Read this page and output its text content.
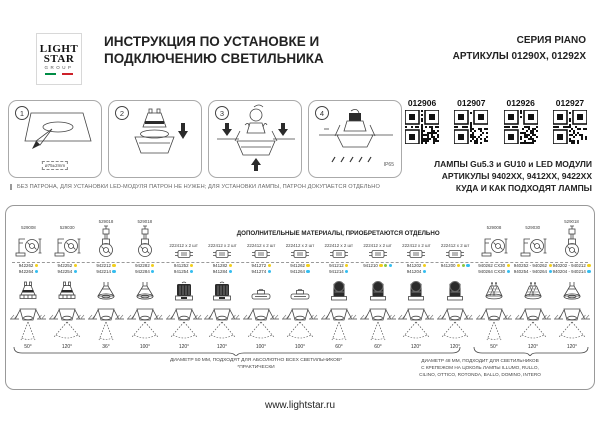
LIGHT
STAR
GROUP
ИНСТРУКЦИЯ ПО УСТАНОВКЕ И
ПОДКЛЮЧЕНИЮ СВЕТИЛЬНИКА
СЕРИЯ PIANO
АРТИКУЛЫ 01290X, 01292X
1
ø75±2mm
2	3	4
IP65
БЕЗ ПАТРОНА, ДЛЯ УСТАНОВКИ LED-МОДУЛЯ ПАТРОН НЕ НУЖЕН; ДЛЯ УСТАНОВКИ ЛАМПЫ, ПАТРОН ДОКУПАЕТСЯ ОТДЕЛЬНО
012906	012907	012926	012927
ЛАМПЫ Gu5.3 и GU10 и LED МОДУЛИ
АРТИКУЛЫ 9402XX, 9412XX, 9422XX
КУДА И КАК ПОДХОДЯТ ЛАМПЫ
ДОПОЛНИТЕЛЬНЫЕ МАТЕРИАЛЫ, ПРИОБРЕТАЮТСЯ ОТДЕЛЬНО
529008
942262
942264
50°
529030
942252
942254
120°
529018
942212
942214
36°
529018
942282
942284
100°
222412 х 2 шт
941252
941254
120°
222412 х 2 шт
941282
941284
120°
222412 х 2 шт
941272
941274
100°
222412 х 2 шт
941262
941264
100°
222412 х 2 шт
941212
941214
60°
222412 х 2 шт
941210
60°
222412 х 2 шт
941202
941204
120°
222412 х 2 шт
941200
120°
529008
940262 CX30
940264 CX30
50°
529030
940252 - 940262
940254 - 940264
120°
529018
940202 - 940212
940204 - 940214
120°
ДИАМЕТР 50 ММ, ПОДХОДЯТ ДЛЯ АБСОЛЮТНО ВСЕХ СВЕТИЛЬНИКОВ*
*ПРАКТИЧЕСКИ
ДИАМЕТР 48 ММ, ПОДХОДИТ ДЛЯ СВЕТИЛЬНИКОВ
С КРЕПЕЖОМ НА ЦОКОЛЬ ЛАМПЫ ILLUMO, RULLO,
CILINO, OTTICO, ROTONDA, BALLO, DOMINO, INTERO
www.lightstar.ru
